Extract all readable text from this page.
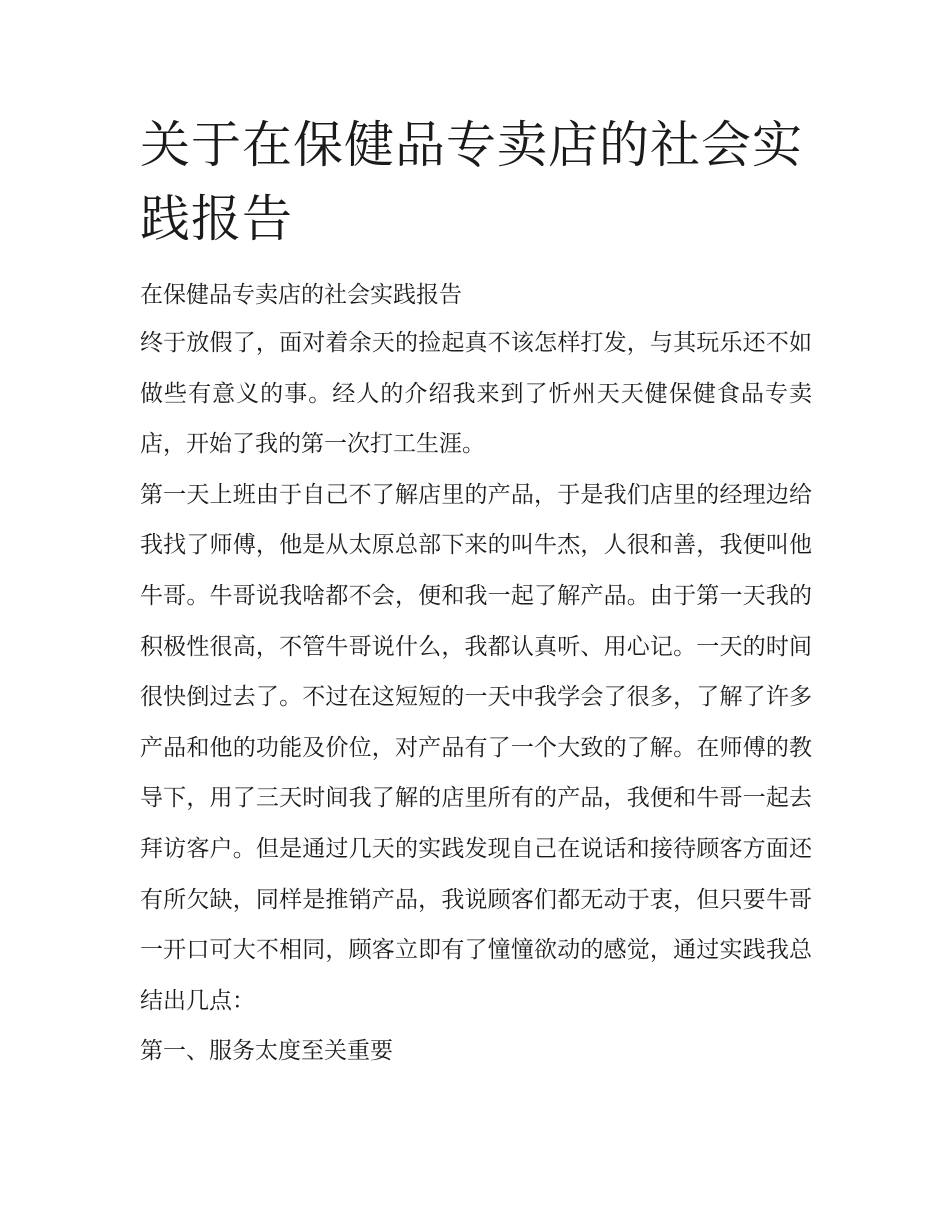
关于在保健品专卖店的社会实践报告

在保健品专卖店的社会实践报告

终于放假了，面对着余天的捡起真不该怎样打发，与其玩乐还不如做些有意义的事。经人的介绍我来到了忻州天天健保健食品专卖店，开始了我的第一次打工生涯。

第一天上班由于自己不了解店里的产品，于是我们店里的经理边给我找了师傅，他是从太原总部下来的叫牛杰，人很和善，我便叫他牛哥。牛哥说我啥都不会，便和我一起了解产品。由于第一天我的积极性很高，不管牛哥说什么，我都认真听、用心记。一天的时间很快倒过去了。不过在这短短的一天中我学会了很多，了解了许多产品和他的功能及价位，对产品有了一个大致的了解。在师傅的教导下，用了三天时间我了解的店里所有的产品，我便和牛哥一起去拜访客户。但是通过几天的实践发现自己在说话和接待顾客方面还有所欠缺，同样是推销产品，我说顾客们都无动于衷，但只要牛哥一开口可大不相同，顾客立即有了憧憧欲动的感觉，通过实践我总结出几点：

第一、服务太度至关重要
